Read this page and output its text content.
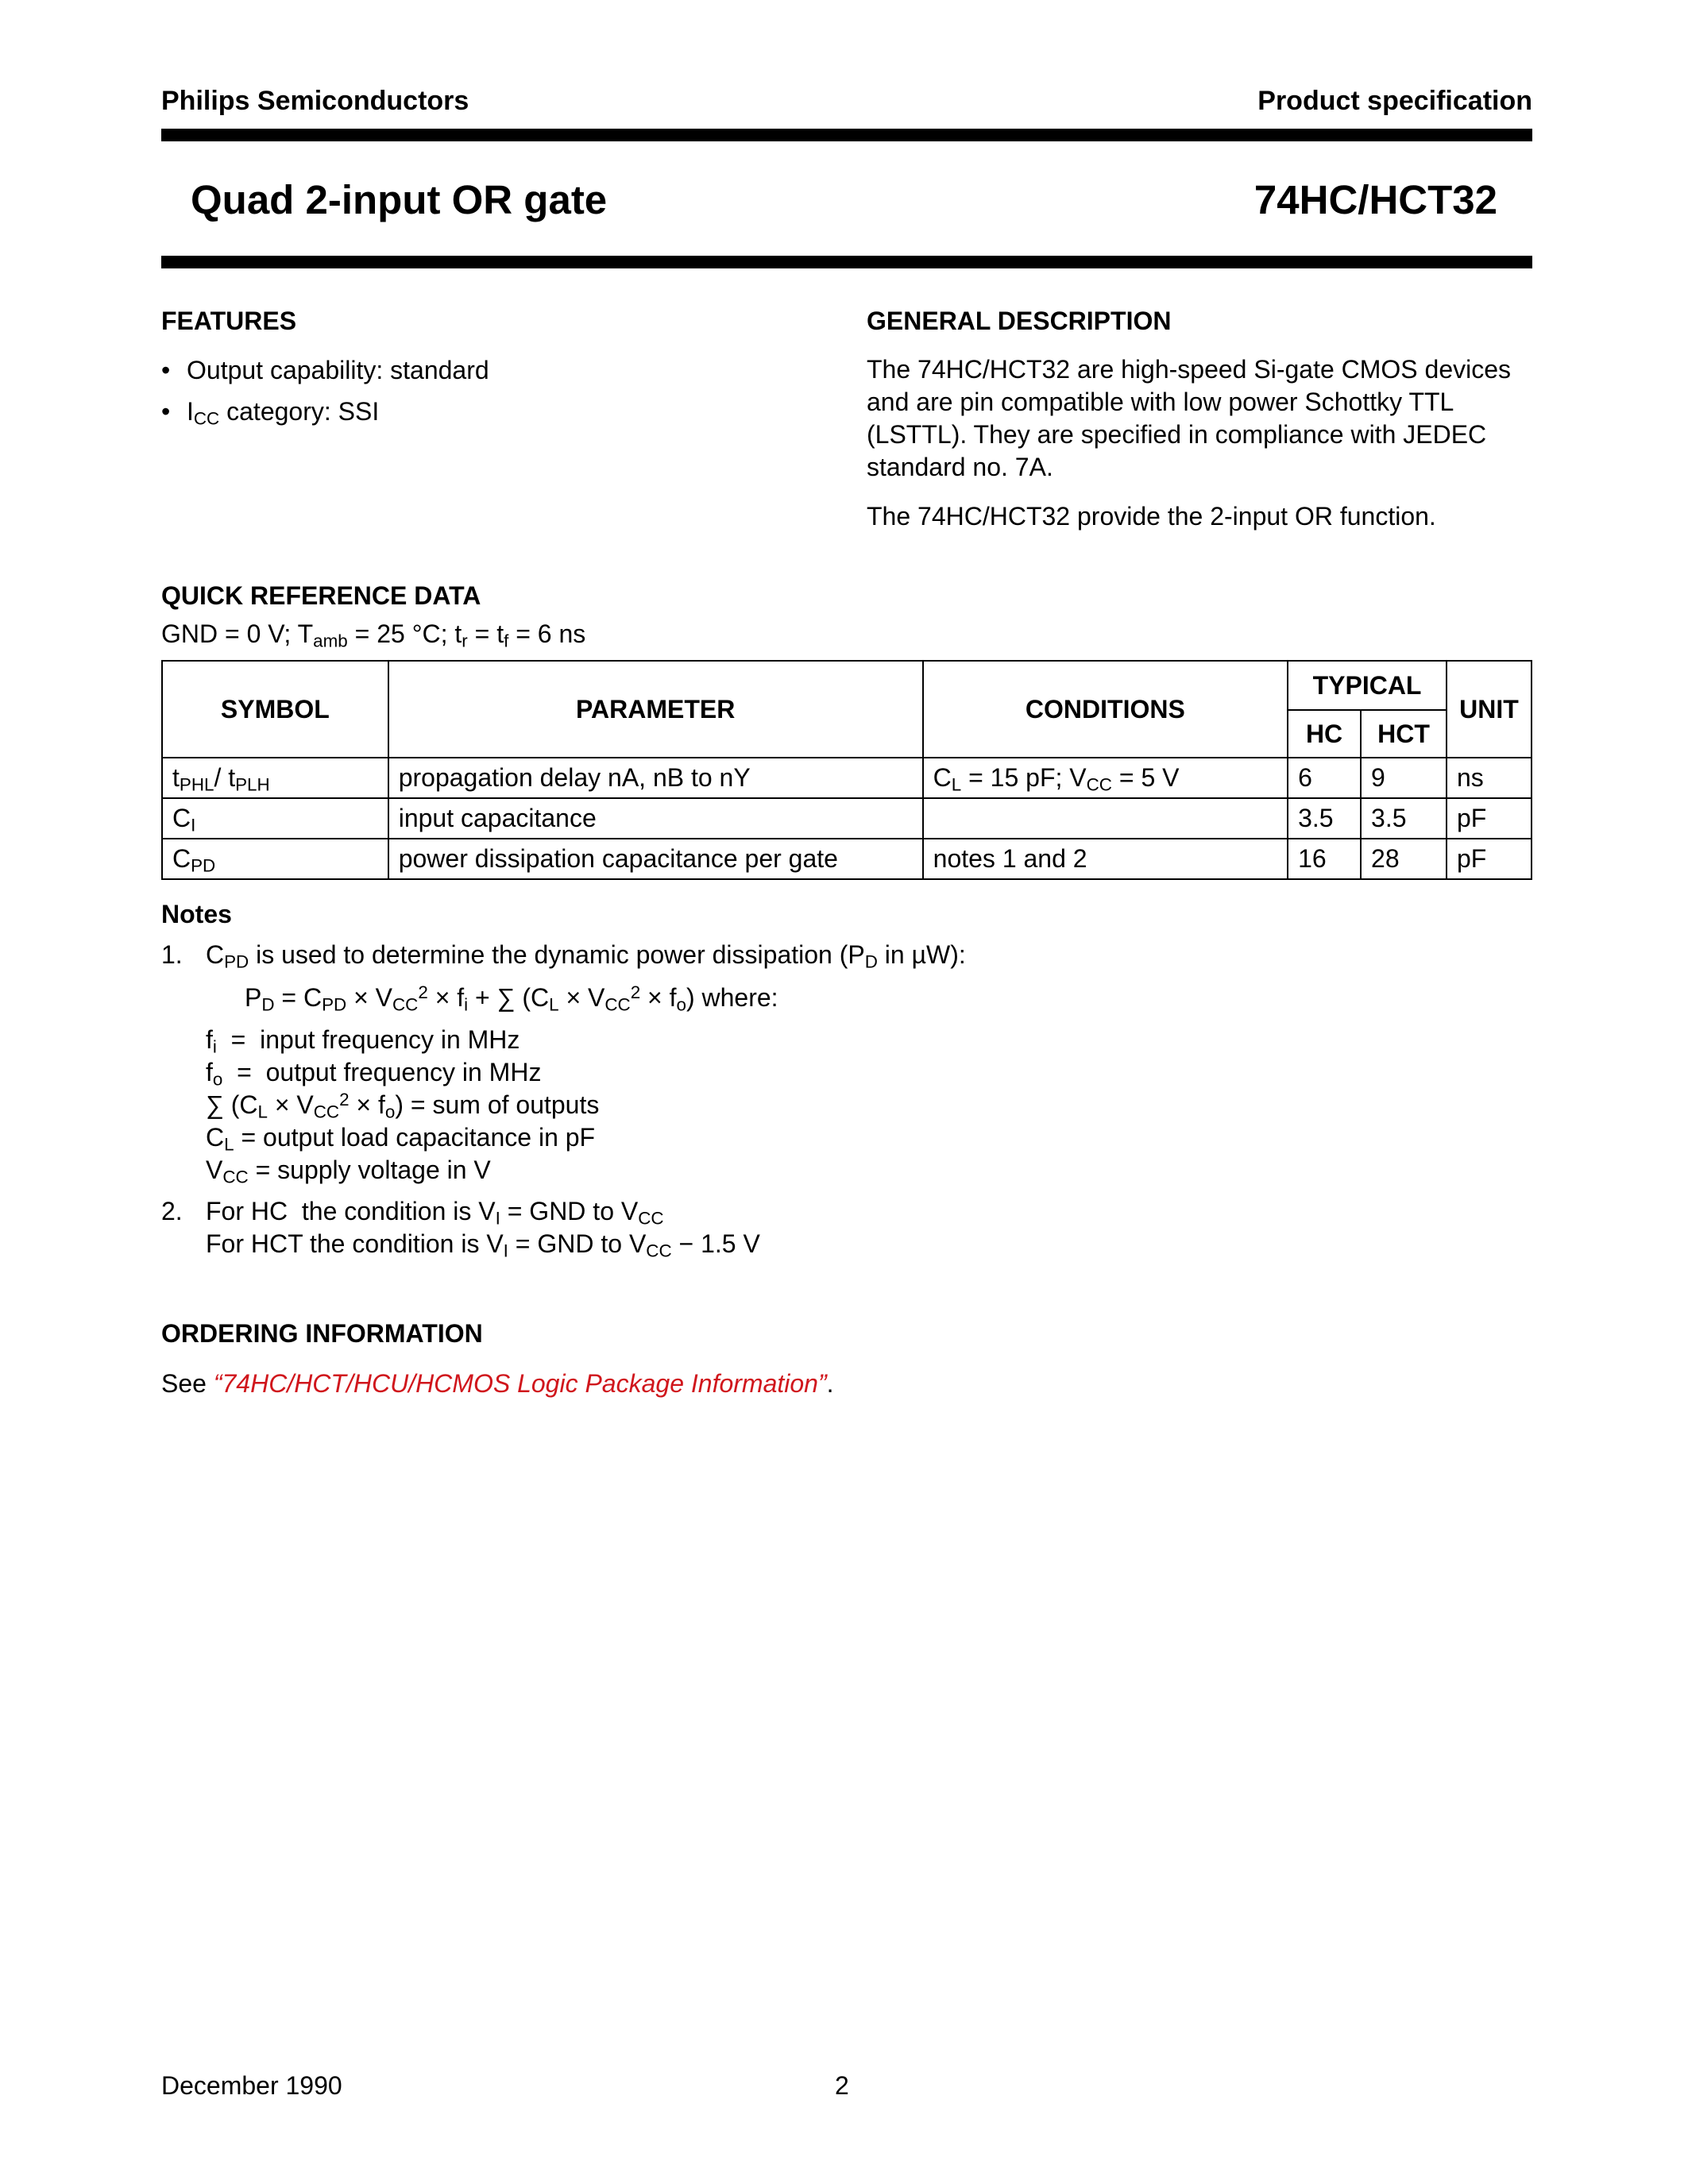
Philips Semiconductors	Product specification
Quad 2-input OR gate	74HC/HCT32
FEATURES
• Output capability: standard
• $I_{CC}$ category: SSI
GENERAL DESCRIPTION
The 74HC/HCT32 are high-speed Si-gate CMOS devices and are pin compatible with low power Schottky TTL (LSTTL). They are specified in compliance with JEDEC standard no. 7A.
The 74HC/HCT32 provide the 2-input OR function.
QUICK REFERENCE DATA
GND = 0 V; $T_{amb} = 25$ °C; $t_r = t_f = 6$ ns
SYMBOL	PARAMETER	CONDITIONS	TYPICAL		UNIT
			HC	HCT	
$t_{PHL}/$ $t_{PLH}$	propagation delay nA, nB to nY	$C_L = 15$ pF; $V_{CC} = 5$ V	6	9	ns
$C_I$	input capacitance		3.5	3.5	pF
$C_{PD}$	power dissipation capacitance per gate	notes 1 and 2	16	28	pF
Notes
1. $C_{PD}$ is used to determine the dynamic power dissipation ($P_D$ in µW):
$P_D = C_{PD} \times V_{CC}^2 \times f_i$ + ∑ $(C_L \times V_{CC}^2 \times f_o)$ where:
$f_i$  =  input frequency in MHz
$f_o$  =  output frequency in MHz
∑ $(C_L \times V_{CC}^2 \times f_o)$ = sum of outputs
$C_L$ = output load capacitance in pF
$V_{CC}$ = supply voltage in V
2. For HC  the condition is $V_I$ = GND to $V_{CC}$
For HCT the condition is $V_I$ = GND to $V_{CC} - 1.5$ V
ORDERING INFORMATION
See “74HC/HCT/HCU/HCMOS Logic Package Information”.
December 1990	2
